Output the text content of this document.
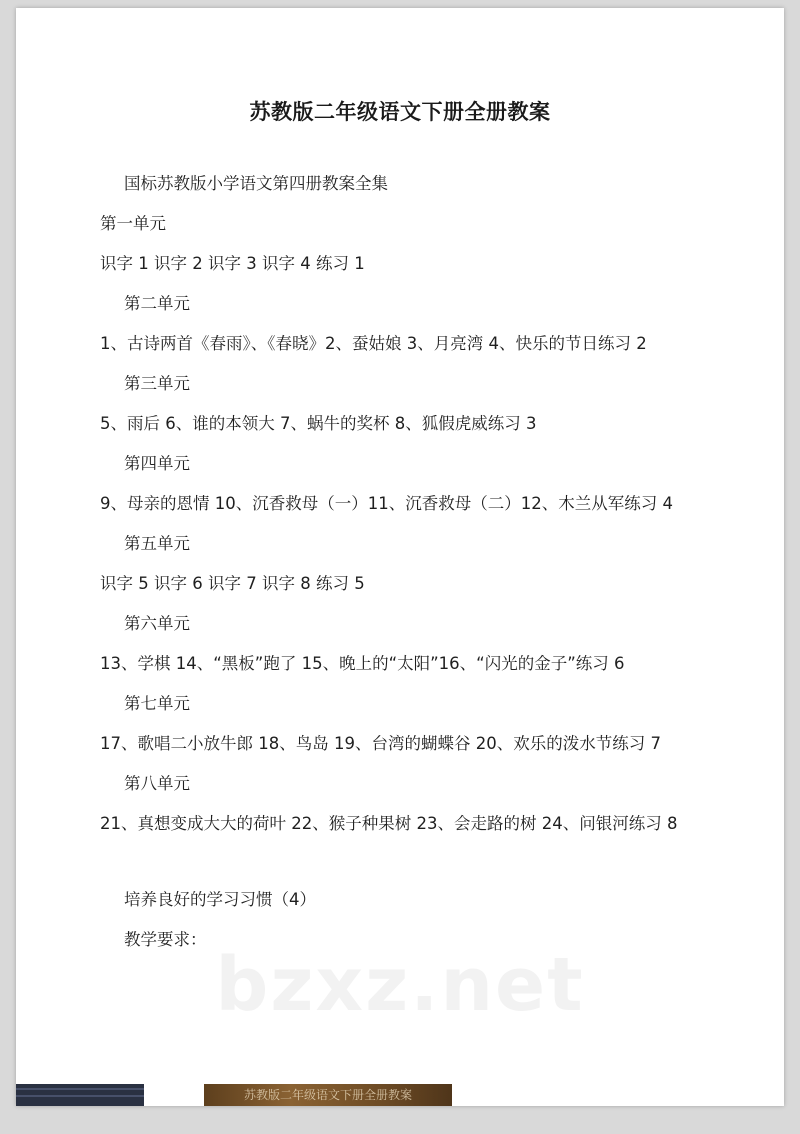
苏教版二年级语文下册全册教案

国标苏教版小学语文第四册教案全集

第一单元

识字 1 识字 2 识字 3 识字 4 练习 1

第二单元

1、古诗两首《春雨》、《春晓》2、蚕姑娘 3、月亮湾 4、快乐的节日练习 2

第三单元

5、雨后 6、谁的本领大 7、蜗牛的奖杯 8、狐假虎威练习 3

第四单元

9、母亲的恩情 10、沉香救母（一）11、沉香救母（二）12、木兰从军练习 4

第五单元

识字 5 识字 6 识字 7 识字 8 练习 5

第六单元

13、学棋 14、“黑板”跑了 15、晚上的“太阳”16、“闪光的金子”练习 6

第七单元

17、歌唱二小放牛郎 18、鸟岛 19、台湾的蝴蝶谷 20、欢乐的泼水节练习 7

第八单元

21、真想变成大大的荷叶 22、猴子种果树 23、会走路的树 24、问银河练习 8

培养良好的学习习惯（4）

教学要求：

bzxz.net
苏教版二年级语文下册全册教案
